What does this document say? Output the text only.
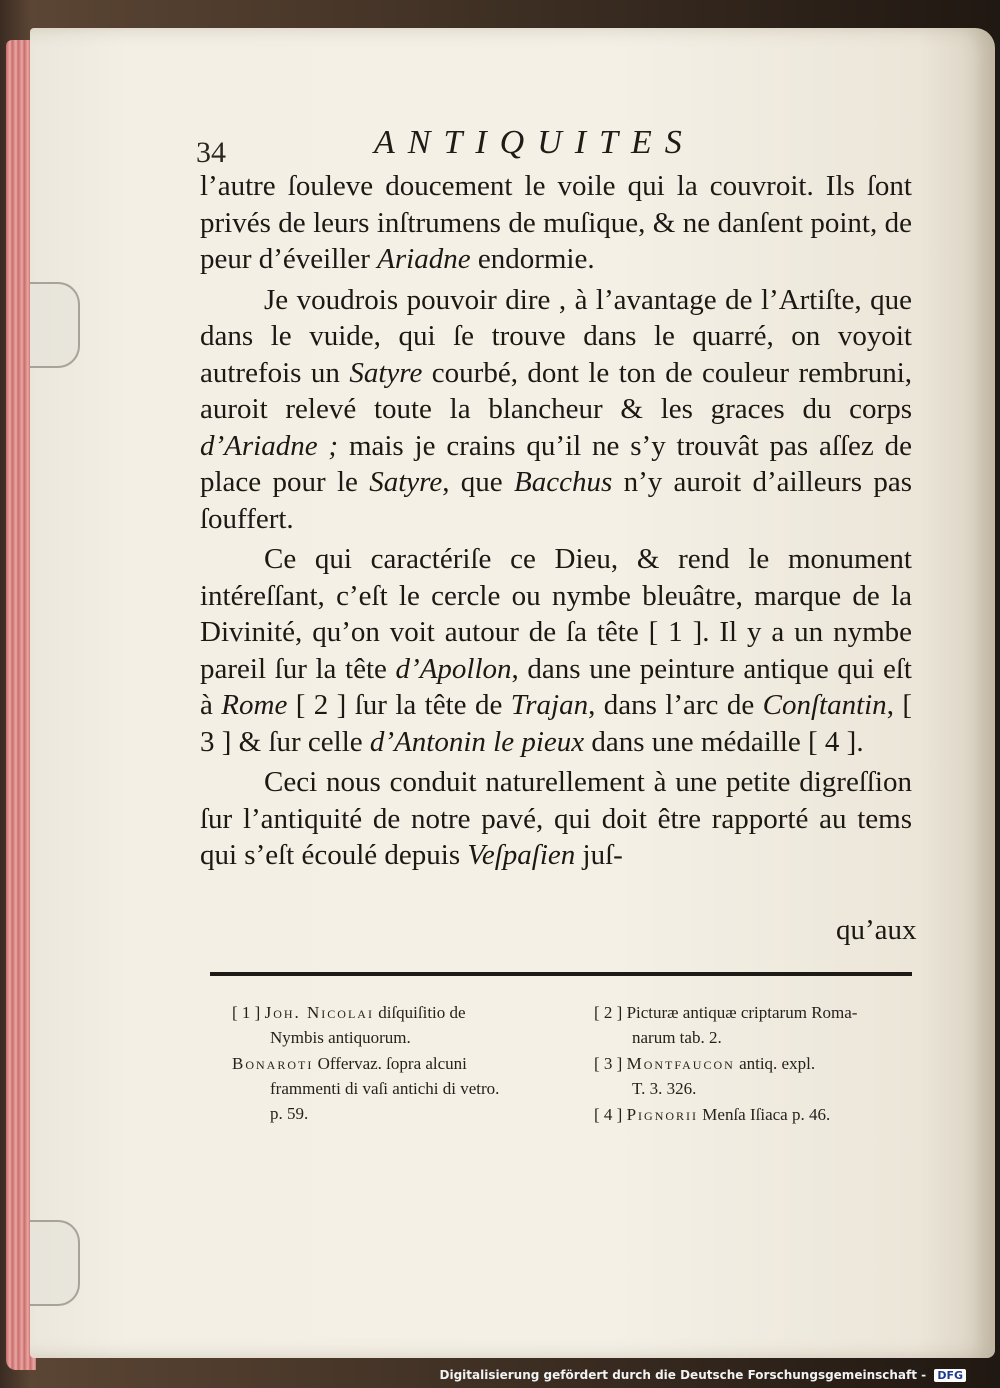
34	ANTIQUITES

l’autre ſouleve doucement le voile qui la couvroit. Ils ſont privés de leurs inſtrumens de muſique, & ne danſent point, de peur d’éveiller Ariadne endormie.

Je voudrois pouvoir dire , à l’avantage de l’Artiſte, que dans le vuide, qui ſe trouve dans le quarré, on voyoit autrefois un Satyre courbé, dont le ton de couleur rembruni, auroit relevé toute la blancheur & les graces du corps d’Ariadne ; mais je crains qu’il ne s’y trouvât pas aſſez de place pour le Satyre, que Bacchus n’y auroit d’ailleurs pas ſouffert.

Ce qui caractériſe ce Dieu, & rend le monument intéreſſant, c’eſt le cercle ou nymbe bleuâtre, marque de la Divinité, qu’on voit autour de ſa tête [ 1 ]. Il y a un nymbe pareil ſur la tête d’Apollon, dans une peinture antique qui eſt à Rome [ 2 ] ſur la tête de Trajan, dans l’arc de Conſtantin, [ 3 ] & ſur celle d’Antonin le pieux dans une médaille [ 4 ].

Ceci nous conduit naturellement à une petite digreſſion ſur l’antiquité de notre pavé, qui doit être rapporté au tems qui s’eſt écoulé depuis Veſpaſien juſ-

qu’aux
[ 1 ] Joh. Nicolai diſquiſitio de
Nymbis antiquorum.
Bonaroti Offervaz. ſopra alcuni
frammenti di vaſi antichi di vetro.
p. 59.
[ 2 ] Picturæ antiquæ criptarum Roma-
narum tab. 2.
[ 3 ] Montfaucon antiq. expl.
T. 3. 326.
[ 4 ] Pignorii Menſa Iſiaca p. 46.
Digitalisierung gefördert durch die Deutsche Forschungsgemeinschaft - DFG
